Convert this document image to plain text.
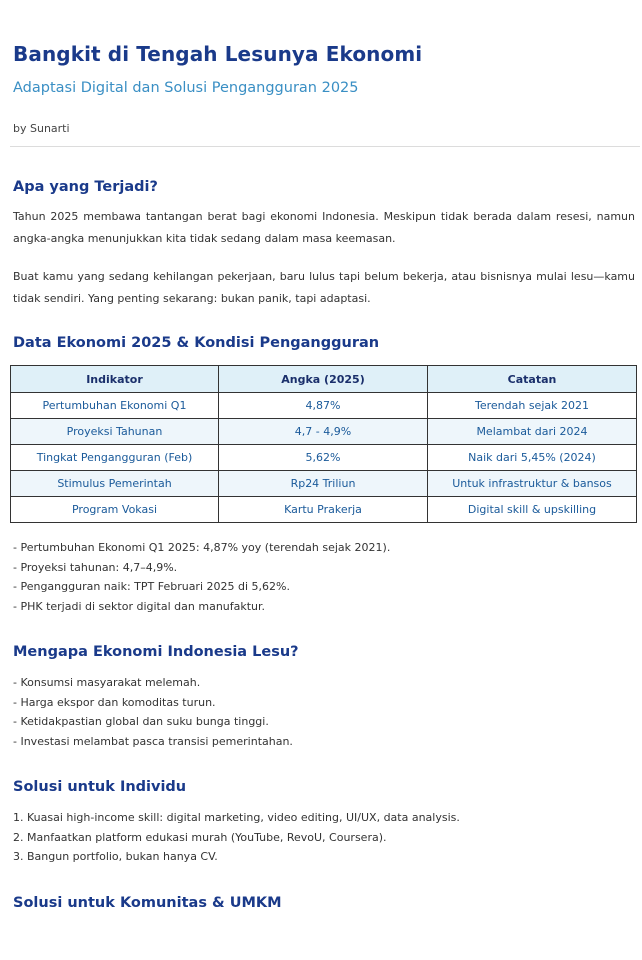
Bangkit di Tengah Lesunya Ekonomi

Adaptasi Digital dan Solusi Pengangguran 2025

by Sunarti

Apa yang Terjadi?

Tahun 2025 membawa tantangan berat bagi ekonomi Indonesia. Meskipun tidak berada dalam resesi, namun angka-angka menunjukkan kita tidak sedang dalam masa keemasan.

Buat kamu yang sedang kehilangan pekerjaan, baru lulus tapi belum bekerja, atau bisnisnya mulai lesu—kamu tidak sendiri. Yang penting sekarang: bukan panik, tapi adaptasi.

Data Ekonomi 2025 & Kondisi Pengangguran
Indikator	Angka (2025)	Catatan
Pertumbuhan Ekonomi Q1	4,87%	Terendah sejak 2021
Proyeksi Tahunan	4,7 - 4,9%	Melambat dari 2024
Tingkat Pengangguran (Feb)	5,62%	Naik dari 5,45% (2024)
Stimulus Pemerintah	Rp24 Triliun	Untuk infrastruktur & bansos
Program Vokasi	Kartu Prakerja	Digital skill & upskilling
- Pertumbuhan Ekonomi Q1 2025: 4,87% yoy (terendah sejak 2021).
- Proyeksi tahunan: 4,7–4,9%.
- Pengangguran naik: TPT Februari 2025 di 5,62%.
- PHK terjadi di sektor digital dan manufaktur.
Mengapa Ekonomi Indonesia Lesu?
- Konsumsi masyarakat melemah.
- Harga ekspor dan komoditas turun.
- Ketidakpastian global dan suku bunga tinggi.
- Investasi melambat pasca transisi pemerintahan.
Solusi untuk Individu
1. Kuasai high-income skill: digital marketing, video editing, UI/UX, data analysis.
2. Manfaatkan platform edukasi murah (YouTube, RevoU, Coursera).
3. Bangun portfolio, bukan hanya CV.
Solusi untuk Komunitas & UMKM
